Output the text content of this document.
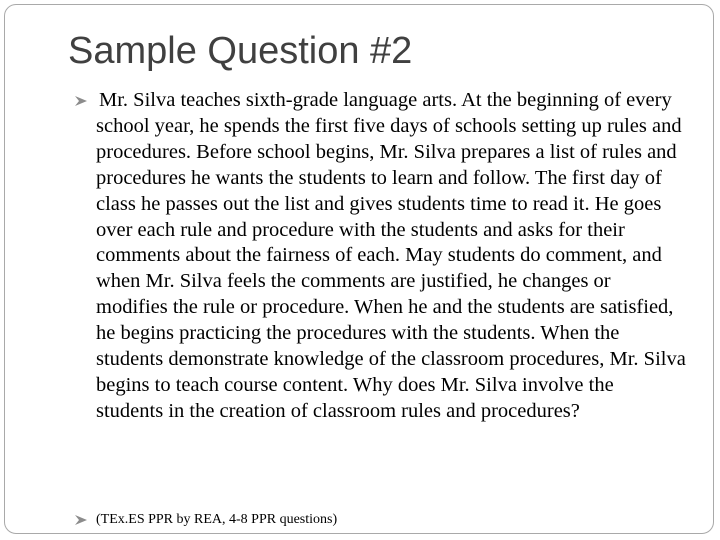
Sample Question #2

Mr. Silva teaches sixth-grade language arts. At the beginning of every school year, he spends the first five days of schools setting up rules and procedures. Before school begins, Mr. Silva prepares a list of rules and procedures he wants the students to learn and follow. The first day of class he passes out the list and gives students time to read it. He goes over each rule and procedure with the students and asks for their comments about the fairness of each. May students do comment, and when Mr. Silva feels the comments are justified, he changes or modifies the rule or procedure. When he and the students are satisfied, he begins practicing the procedures with the students. When the students demonstrate knowledge of the classroom procedures, Mr. Silva begins to teach course content. Why does Mr. Silva involve the students in the creation of classroom rules and procedures?

(TEx.ES PPR by REA, 4-8 PPR questions)
